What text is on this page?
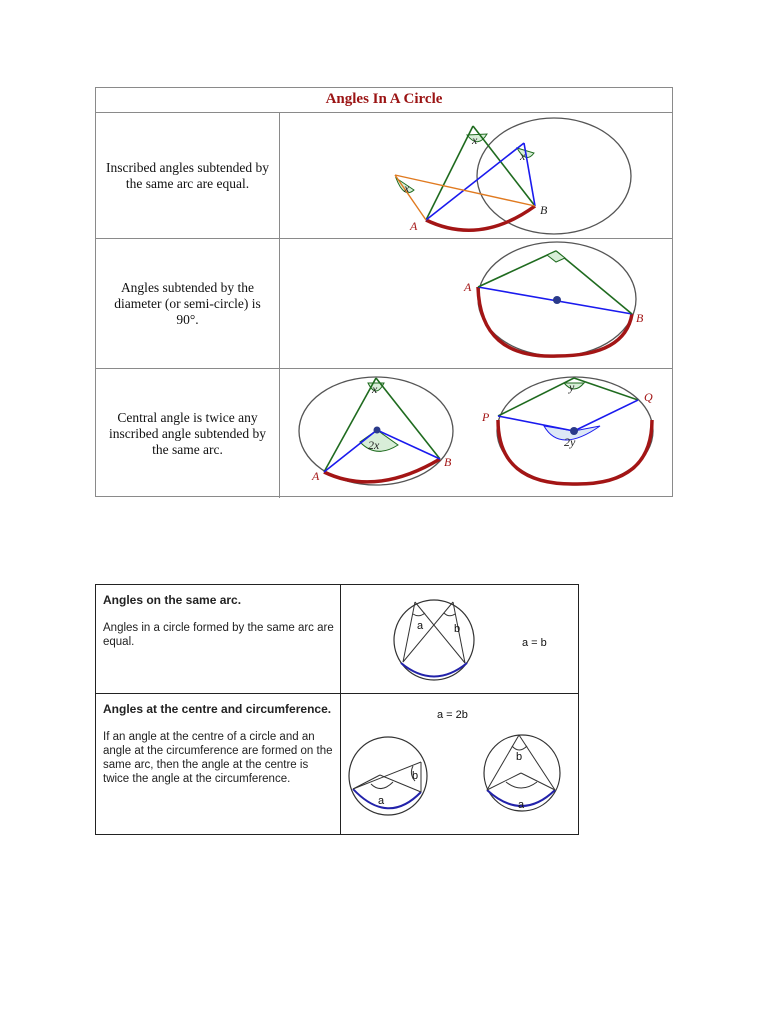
Angles In A Circle
Inscribed angles subtended by the same arc are equal.
x
x
x
A
B
Angles subtended by the diameter (or semi-circle) is 90°.
A
B
Central angle is twice any inscribed angle subtended by the same arc.
x
2x
A
B
y
2y
P
Q
Angles on the same arc.
Angles in a circle formed by the same arc are equal.
a	b
a = b
Angles at the centre and circumference.
If an angle at the centre of a circle and an angle at the circumference are formed on the same arc, then the angle at the centre is twice the angle at the circumference.
a
b
b
a
a = 2b
